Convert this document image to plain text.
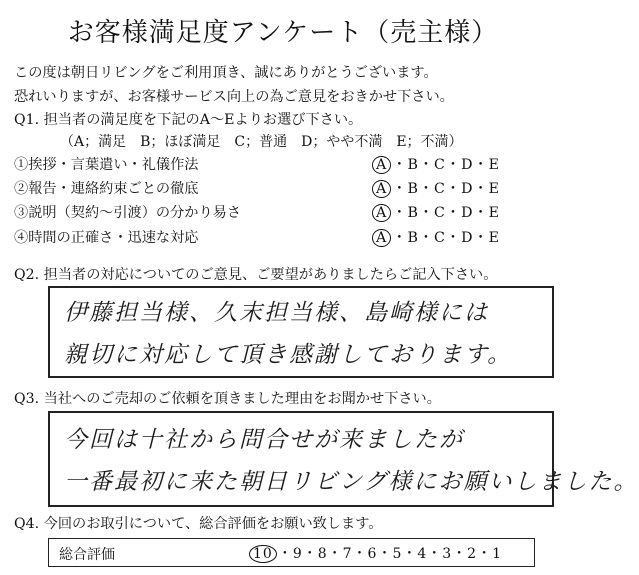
お客様満足度アンケート（売主様）
この度は朝日リビングをご利用頂き、誠にありがとうございます。
恐れいりますが、お客様サービス向上の為ご意見をおきかせ下さい。
Q1. 担当者の満足度を下記のA〜Eよりお選び下さい。
（A；満足　B；ほぼ満足　C；普通　D；やや不満　E；不満）
①挨拶・言葉遣い・礼儀作法	A ・B・C・D・E
②報告・連絡約束ごとの徹底	A ・B・C・D・E
③説明（契約〜引渡）の分かり易さ	A ・B・C・D・E
④時間の正確さ・迅速な対応	A ・B・C・D・E
Q2. 担当者の対応についてのご意見、ご要望がありましたらご記入下さい。
伊藤担当様、久末担当様、島崎様には
親切に対応して頂き感謝しております。
Q3. 当社へのご売却のご依頼を頂きました理由をお聞かせ下さい。
今回は十社から問合せが来ましたが
一番最初に来た朝日リビング様にお願いしました。
Q4. 今回のお取引について、総合評価をお願い致します。
総合評価	10 ・9・8・7・6・5・4・3・2・1
